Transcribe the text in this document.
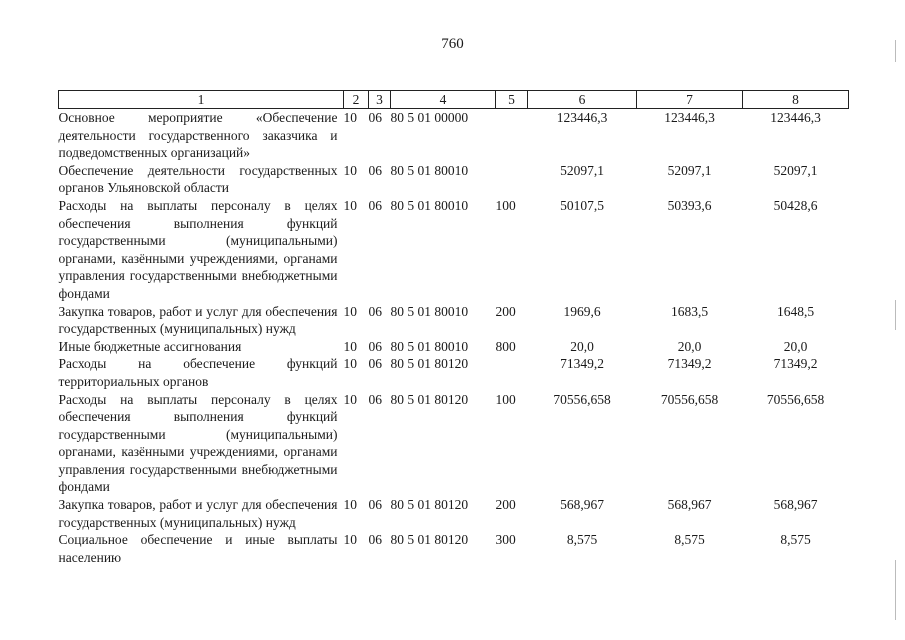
760
1	2	3	4	5	6	7	8
Основное мероприятие «Обеспечение деятельности государственного заказчика и подведомственных организаций»	10	06	80 5 01 00000		123446,3	123446,3	123446,3
Обеспечение деятельности государственных органов Ульяновской области	10	06	80 5 01 80010		52097,1	52097,1	52097,1
Расходы на выплаты персоналу в целях обеспечения выполнения функций государственными (муниципальными) органами, казёнными учреждениями, органами управления государственными внебюджетными фондами	10	06	80 5 01 80010	100	50107,5	50393,6	50428,6
Закупка товаров, работ и услуг для обеспечения государственных (муниципальных) нужд	10	06	80 5 01 80010	200	1969,6	1683,5	1648,5
Иные бюджетные ассигнования	10	06	80 5 01 80010	800	20,0	20,0	20,0
Расходы на обеспечение функций территориальных органов	10	06	80 5 01 80120		71349,2	71349,2	71349,2
Расходы на выплаты персоналу в целях обеспечения выполнения функций государственными (муниципальными) органами, казёнными учреждениями, органами управления государственными внебюджетными фондами	10	06	80 5 01 80120	100	70556,658	70556,658	70556,658
Закупка товаров, работ и услуг для обеспечения государственных (муниципальных) нужд	10	06	80 5 01 80120	200	568,967	568,967	568,967
Социальное обеспечение и иные выплаты населению	10	06	80 5 01 80120	300	8,575	8,575	8,575
